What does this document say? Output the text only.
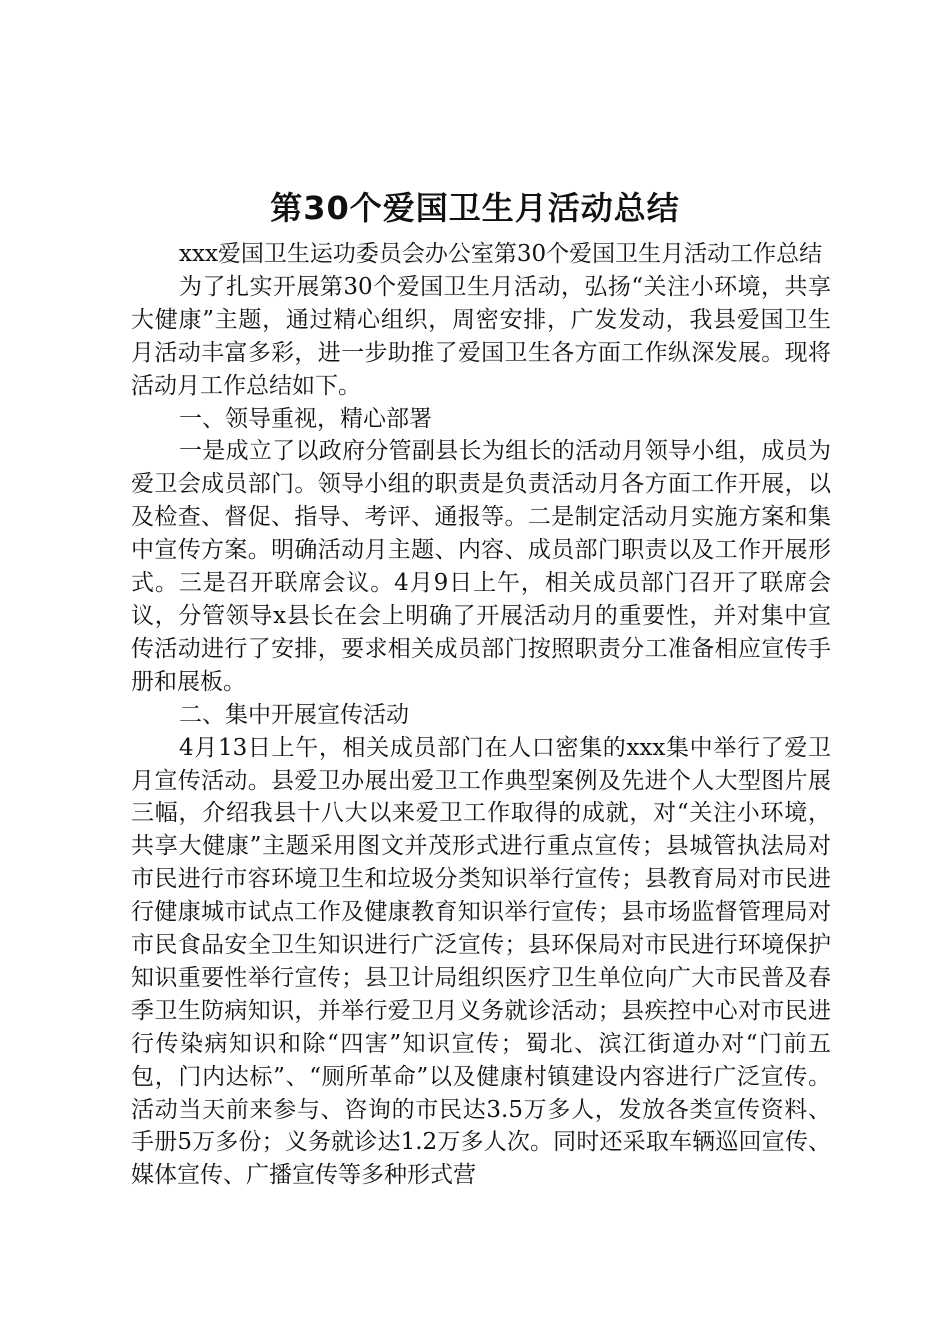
第30个爱国卫生月活动总结

xxx爱国卫生运功委员会办公室第30个爱国卫生月活动工作总结

为了扎实开展第30个爱国卫生月活动，弘扬“关注小环境，共享大健康”主题，通过精心组织，周密安排，广发发动，我县爱国卫生月活动丰富多彩，进一步助推了爱国卫生各方面工作纵深发展。现将活动月工作总结如下。

一、领导重视，精心部署

一是成立了以政府分管副县长为组长的活动月领导小组，成员为爱卫会成员部门。领导小组的职责是负责活动月各方面工作开展，以及检查、督促、指导、考评、通报等。二是制定活动月实施方案和集中宣传方案。明确活动月主题、内容、成员部门职责以及工作开展形式。三是召开联席会议。4月9日上午，相关成员部门召开了联席会议，分管领导x县长在会上明确了开展活动月的重要性，并对集中宣传活动进行了安排，要求相关成员部门按照职责分工准备相应宣传手册和展板。

二、集中开展宣传活动

4月13日上午，相关成员部门在人口密集的xxx集中举行了爱卫月宣传活动。县爱卫办展出爱卫工作典型案例及先进个人大型图片展三幅，介绍我县十八大以来爱卫工作取得的成就，对“关注小环境，共享大健康”主题采用图文并茂形式进行重点宣传；县城管执法局对市民进行市容环境卫生和垃圾分类知识举行宣传；县教育局对市民进行健康城市试点工作及健康教育知识举行宣传；县市场监督管理局对市民食品安全卫生知识进行广泛宣传；县环保局对市民进行环境保护知识重要性举行宣传；县卫计局组织医疗卫生单位向广大市民普及春季卫生防病知识，并举行爱卫月义务就诊活动；县疾控中心对市民进行传染病知识和除“四害”知识宣传；蜀北、滨江街道办对“门前五包，门内达标”、“厕所革命”以及健康村镇建设内容进行广泛宣传。活动当天前来参与、咨询的市民达3.5万多人，发放各类宣传资料、手册5万多份；义务就诊达1.2万多人次。同时还采取车辆巡回宣传、媒体宣传、广播宣传等多种形式营
